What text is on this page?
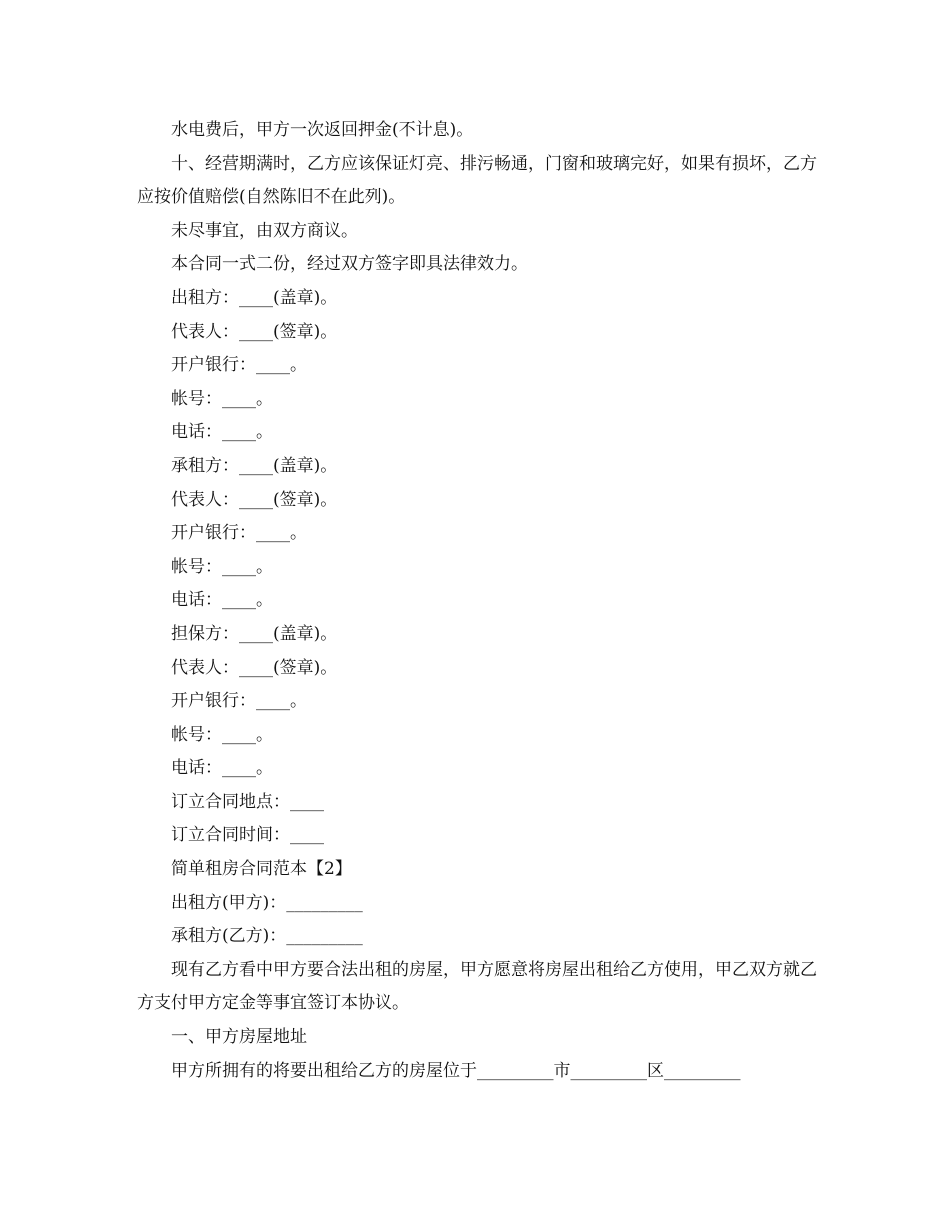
水电费后，甲方一次返回押金(不计息)。

十、经营期满时，乙方应该保证灯亮、排污畅通，门窗和玻璃完好，如果有损坏，乙方应按价值赔偿(自然陈旧不在此列)。

未尽事宜，由双方商议。

本合同一式二份，经过双方签字即具法律效力。

出租方：____(盖章)。

代表人：____(签章)。

开户银行：____。

帐号：____。

电话：____。

承租方：____(盖章)。

代表人：____(签章)。

开户银行：____。

帐号：____。

电话：____。

担保方：____(盖章)。

代表人：____(签章)。

开户银行：____。

帐号：____。

电话：____。

订立合同地点：____

订立合同时间：____

简单租房合同范本【2】

出租方(甲方)：_________

承租方(乙方)：_________

现有乙方看中甲方要合法出租的房屋，甲方愿意将房屋出租给乙方使用，甲乙双方就乙方支付甲方定金等事宜签订本协议。

一、甲方房屋地址

甲方所拥有的将要出租给乙方的房屋位于_________市_________区_________
